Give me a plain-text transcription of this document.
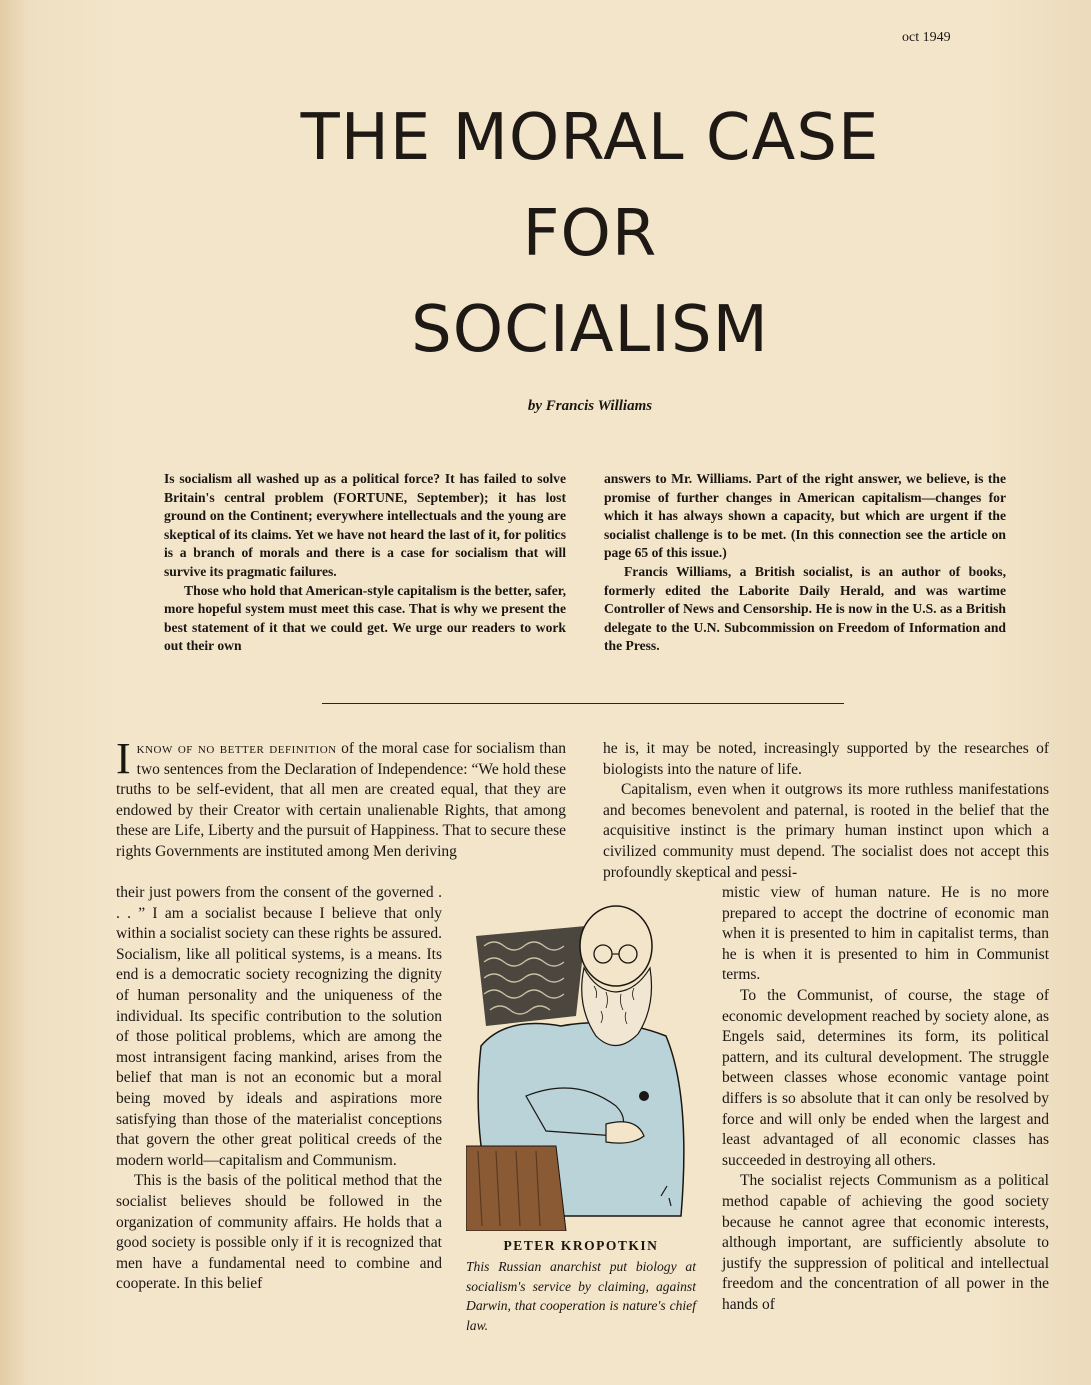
oct 1949
THE MORAL CASE
FOR
SOCIALISM
by Francis Williams

Is socialism all washed up as a political force? It has failed to solve Britain's central problem (FORTUNE, September); it has lost ground on the Continent; everywhere intellectuals and the young are skeptical of its claims. Yet we have not heard the last of it, for politics is a branch of morals and there is a case for socialism that will survive its pragmatic failures.

Those who hold that American-style capitalism is the better, safer, more hopeful system must meet this case. That is why we present the best statement of it that we could get. We urge our readers to work out their own

answers to Mr. Williams. Part of the right answer, we believe, is the promise of further changes in American capitalism—changes for which it has always shown a capacity, but which are urgent if the socialist challenge is to be met. (In this connection see the article on page 65 of this issue.)

Francis Williams, a British socialist, is an author of books, formerly edited the Laborite Daily Herald, and was wartime Controller of News and Censorship. He is now in the U.S. as a British delegate to the U.N. Subcommission on Freedom of Information and the Press.

Iknow of no better definition of the moral case for socialism than two sentences from the Declaration of Independence: “We hold these truths to be self-evident, that all men are created equal, that they are endowed by their Creator with certain unalienable Rights, that among these are Life, Liberty and the pursuit of Happiness. That to secure these rights Governments are instituted among Men deriving

their just powers from the consent of the governed . . . ” I am a socialist because I believe that only within a socialist society can these rights be assured. Socialism, like all political systems, is a means. Its end is a democratic society recognizing the dignity of human personality and the uniqueness of the individual. Its specific contribution to the solution of those political problems, which are among the most intransigent facing mankind, arises from the belief that man is not an economic but a moral being moved by ideals and aspirations more satisfying than those of the materialist conceptions that govern the other great political creeds of the modern world—capitalism and Communism.

This is the basis of the political method that the socialist believes should be followed in the organization of community affairs. He holds that a good society is possible only if it is recognized that men have a fundamental need to combine and cooperate. In this belief

he is, it may be noted, increasingly supported by the researches of biologists into the nature of life.

Capitalism, even when it outgrows its more ruthless manifestations and becomes benevolent and paternal, is rooted in the belief that the acquisitive instinct is the primary human instinct upon which a civilized community must depend. The socialist does not accept this profoundly skeptical and pessi-

mistic view of human nature. He is no more prepared to accept the doctrine of economic man when it is presented to him in capitalist terms, than he is when it is presented to him in Communist terms.

To the Communist, of course, the stage of economic development reached by society alone, as Engels said, determines its form, its political pattern, and its cultural development. The struggle between classes whose economic vantage point differs is so absolute that it can only be resolved by force and will only be ended when the largest and least advantaged of all economic classes has succeeded in destroying all others.

The socialist rejects Communism as a political method capable of achieving the good society because he cannot agree that economic interests, although important, are sufficiently absolute to justify the suppression of political and intellectual freedom and the concentration of all power in the hands of

PETER KROPOTKIN
This Russian anarchist put biology at socialism's service by claiming, against Darwin, that cooperation is nature's chief law.
